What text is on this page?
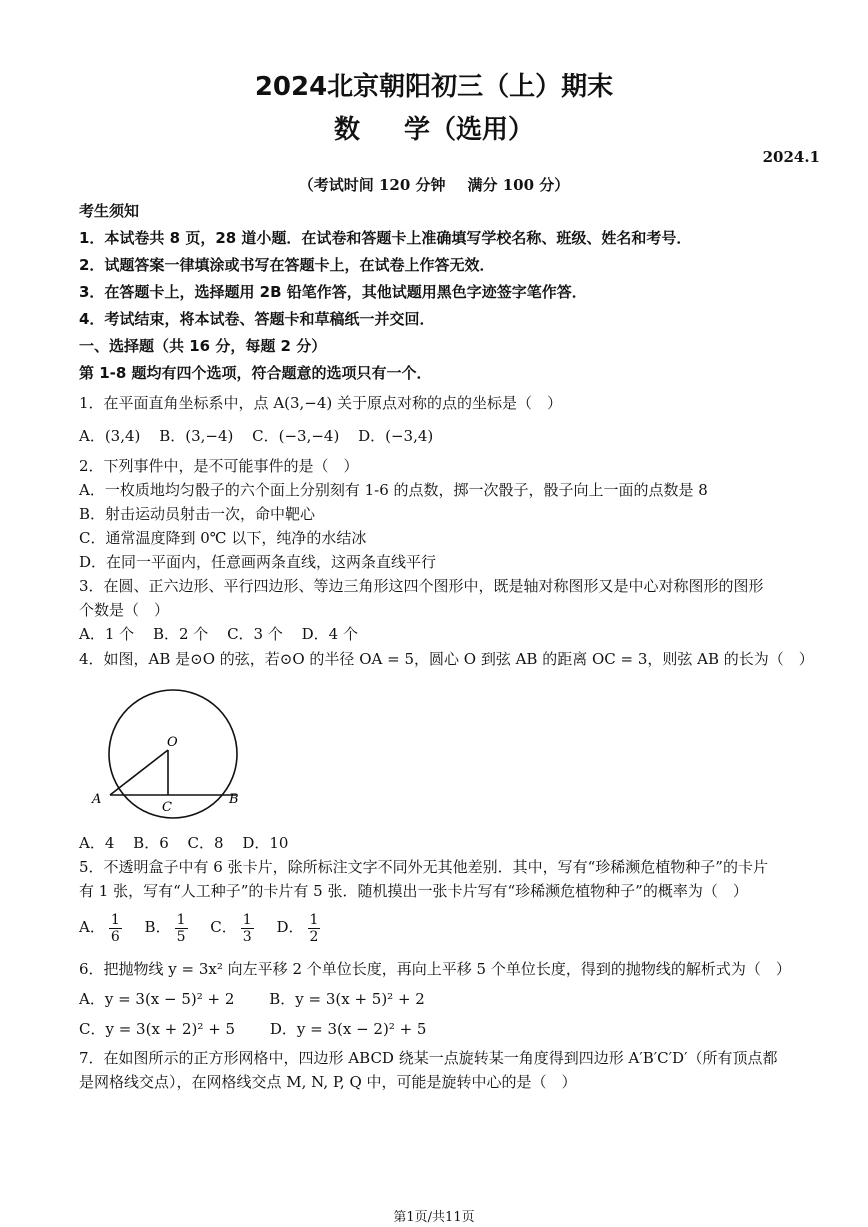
2024北京朝阳初三（上）期末
数 学（选用）
2024.1
（考试时间 120 分钟 满分 100 分）
考生须知
1．本试卷共 8 页，28 道小题．在试卷和答题卡上准确填写学校名称、班级、姓名和考号．
2．试题答案一律填涂或书写在答题卡上，在试卷上作答无效．
3．在答题卡上，选择题用 2B 铅笔作答，其他试题用黑色字迹签字笔作答．
4．考试结束，将本试卷、答题卡和草稿纸一并交回．
一、选择题（共 16 分，每题 2 分）
第 1-8 题均有四个选项，符合题意的选项只有一个．
1．在平面直角坐标系中，点 A(3,−4) 关于原点对称的点的坐标是（　）
A．(3,4) B．(3,−4) C．(−3,−4) D．(−3,4)
2．下列事件中，是不可能事件的是（　）
A．一枚质地均匀骰子的六个面上分别刻有 1-6 的点数，掷一次骰子，骰子向上一面的点数是 8
B．射击运动员射击一次，命中靶心
C．通常温度降到 0℃ 以下，纯净的水结冰
D．在同一平面内，任意画两条直线，这两条直线平行
3．在圆、正六边形、平行四边形、等边三角形这四个图形中，既是轴对称图形又是中心对称图形的图形
个数是（　）
A．1 个 B．2 个 C．3 个 D．4 个
4．如图，AB 是⊙O 的弦，若⊙O 的半径 OA = 5，圆心 O 到弦 AB 的距离 OC = 3，则弦 AB 的长为（　）
O
A	B
C
A．4 B．6 C．8 D．10
5．不透明盒子中有 6 张卡片，除所标注文字不同外无其他差别．其中，写有“珍稀濒危植物种子”的卡片
有 1 张，写有“人工种子”的卡片有 5 张．随机摸出一张卡片写有“珍稀濒危植物种子”的概率为（　）
A． $\frac{1}{6}$ B． $\frac{1}{5}$ C． $\frac{1}{3}$ D． $\frac{1}{2}$
6．把抛物线 y = 3x² 向左平移 2 个单位长度，再向上平移 5 个单位长度，得到的抛物线的解析式为（　）
A．y = 3(x − 5)² + 2 B．y = 3(x + 5)² + 2
C．y = 3(x + 2)² + 5 D．y = 3(x − 2)² + 5
7．在如图所示的正方形网格中，四边形 ABCD 绕某一点旋转某一角度得到四边形 A′B′C′D′（所有顶点都
是网格线交点），在网格线交点 M, N, P, Q 中，可能是旋转中心的是（　）
第1页/共11页
